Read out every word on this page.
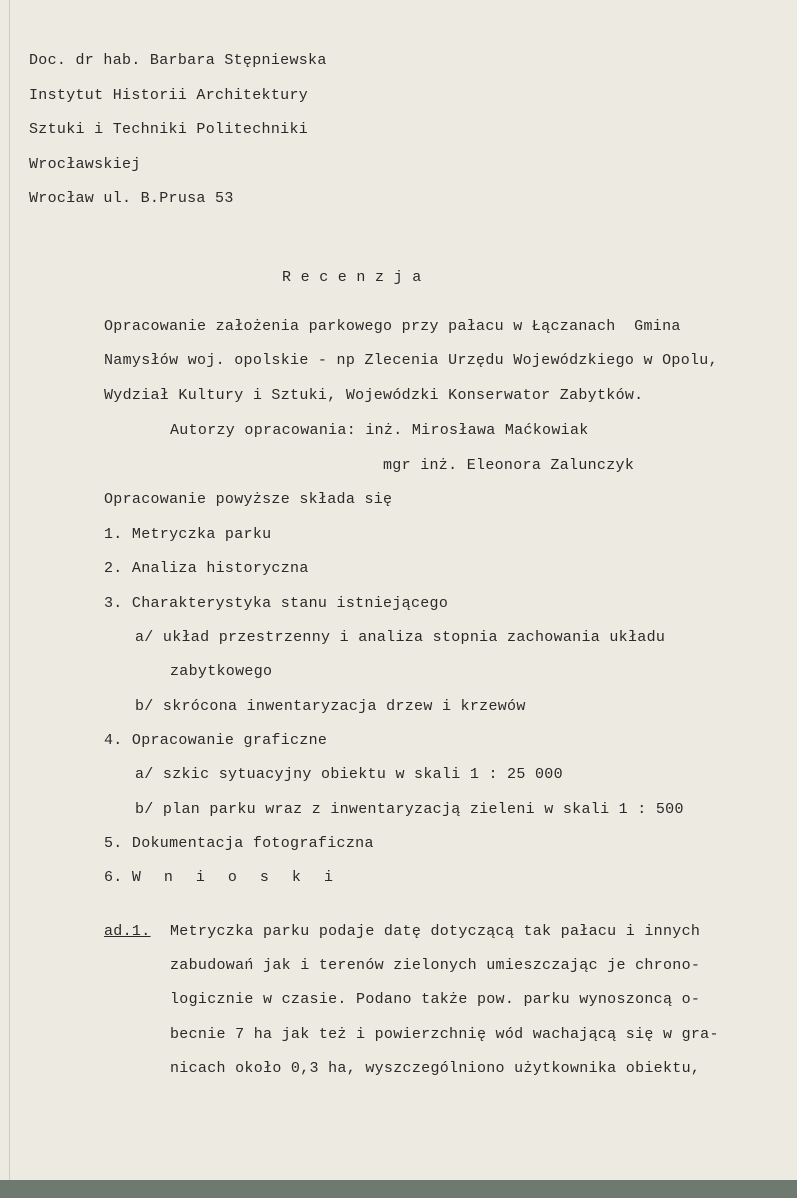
Doc. dr hab. Barbara Stępniewska
Instytut Historii Architektury
Sztuki i Techniki Politechniki
Wrocławskiej
Wrocław ul. B.Prusa 53
R e c e n z j a
Opracowanie założenia parkowego przy pałacu w Łączanach  Gmina
Namysłów woj. opolskie - np Zlecenia Urzędu Wojewódzkiego w Opolu,
Wydział Kultury i Sztuki, Wojewódzki Konserwator Zabytków.
Autorzy opracowania: inż. Mirosława Maćkowiak
mgr inż. Eleonora Zalunczyk
Opracowanie powyższe składa się
1. Metryczka parku
2. Analiza historyczna
3. Charakterystyka stanu istniejącego
a/ układ przestrzenny i analiza stopnia zachowania układu
zabytkowego
b/ skrócona inwentaryzacja drzew i krzewów
4. Opracowanie graficzne
a/ szkic sytuacyjny obiektu w skali 1 : 25 000
b/ plan parku wraz z inwentaryzacją zieleni w skali 1 : 500
5. Dokumentacja fotograficzna
6. W n i o s k i
ad.1. Metryczka parku podaje datę dotyczącą tak pałacu i innych
zabudowań jak i terenów zielonych umieszczając je chrono-
logicznie w czasie. Podano także pow. parku wynoszoncą o-
becnie 7 ha jak też i powierzchnię wód wachającą się w gra-
nicach około 0,3 ha, wyszczególniono użytkownika obiektu,
